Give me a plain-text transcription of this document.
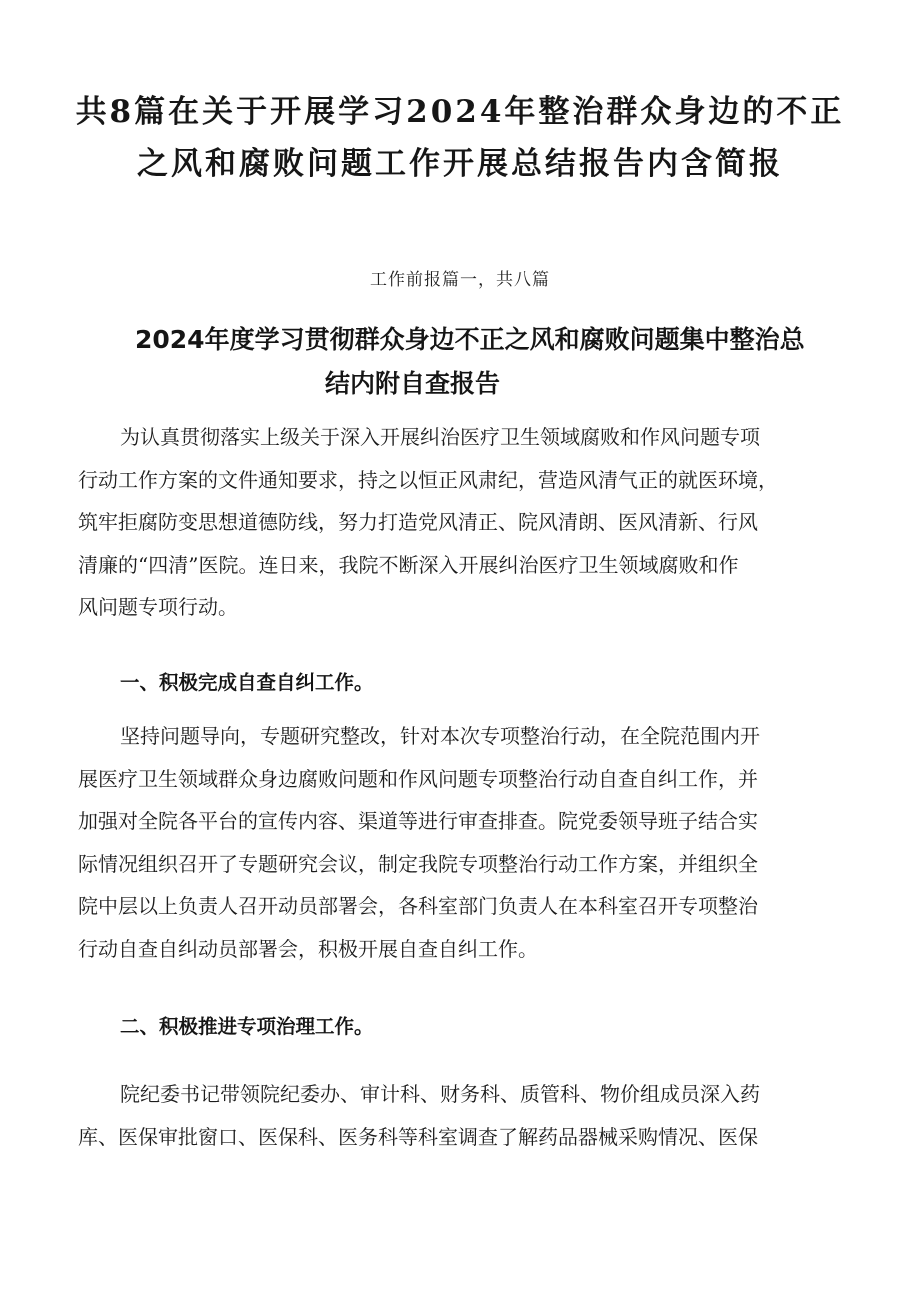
共8篇在关于开展学习2024年整治群众身边的不正
之风和腐败问题工作开展总结报告内含简报

工作前报篇一，共八篇

2024年度学习贯彻群众身边不正之风和腐败问题集中整治总
结内附自查报告

为认真贯彻落实上级关于深入开展纠治医疗卫生领域腐败和作风问题专项
行动工作方案的文件通知要求，持之以恒正风肃纪，营造风清气正的就医环境，
筑牢拒腐防变思想道德防线，努力打造党风清正、院风清朗、医风清新、行风
清廉的“四清”医院。连日来，我院不断深入开展纠治医疗卫生领域腐败和作
风问题专项行动。

一、积极完成自查自纠工作。

坚持问题导向，专题研究整改，针对本次专项整治行动，在全院范围内开
展医疗卫生领域群众身边腐败问题和作风问题专项整治行动自查自纠工作，并
加强对全院各平台的宣传内容、渠道等进行审查排查。院党委领导班子结合实
际情况组织召开了专题研究会议，制定我院专项整治行动工作方案，并组织全
院中层以上负责人召开动员部署会，各科室部门负责人在本科室召开专项整治
行动自查自纠动员部署会，积极开展自查自纠工作。

二、积极推进专项治理工作。

院纪委书记带领院纪委办、审计科、财务科、质管科、物价组成员深入药
库、医保审批窗口、医保科、医务科等科室调查了解药品器械采购情况、医保
